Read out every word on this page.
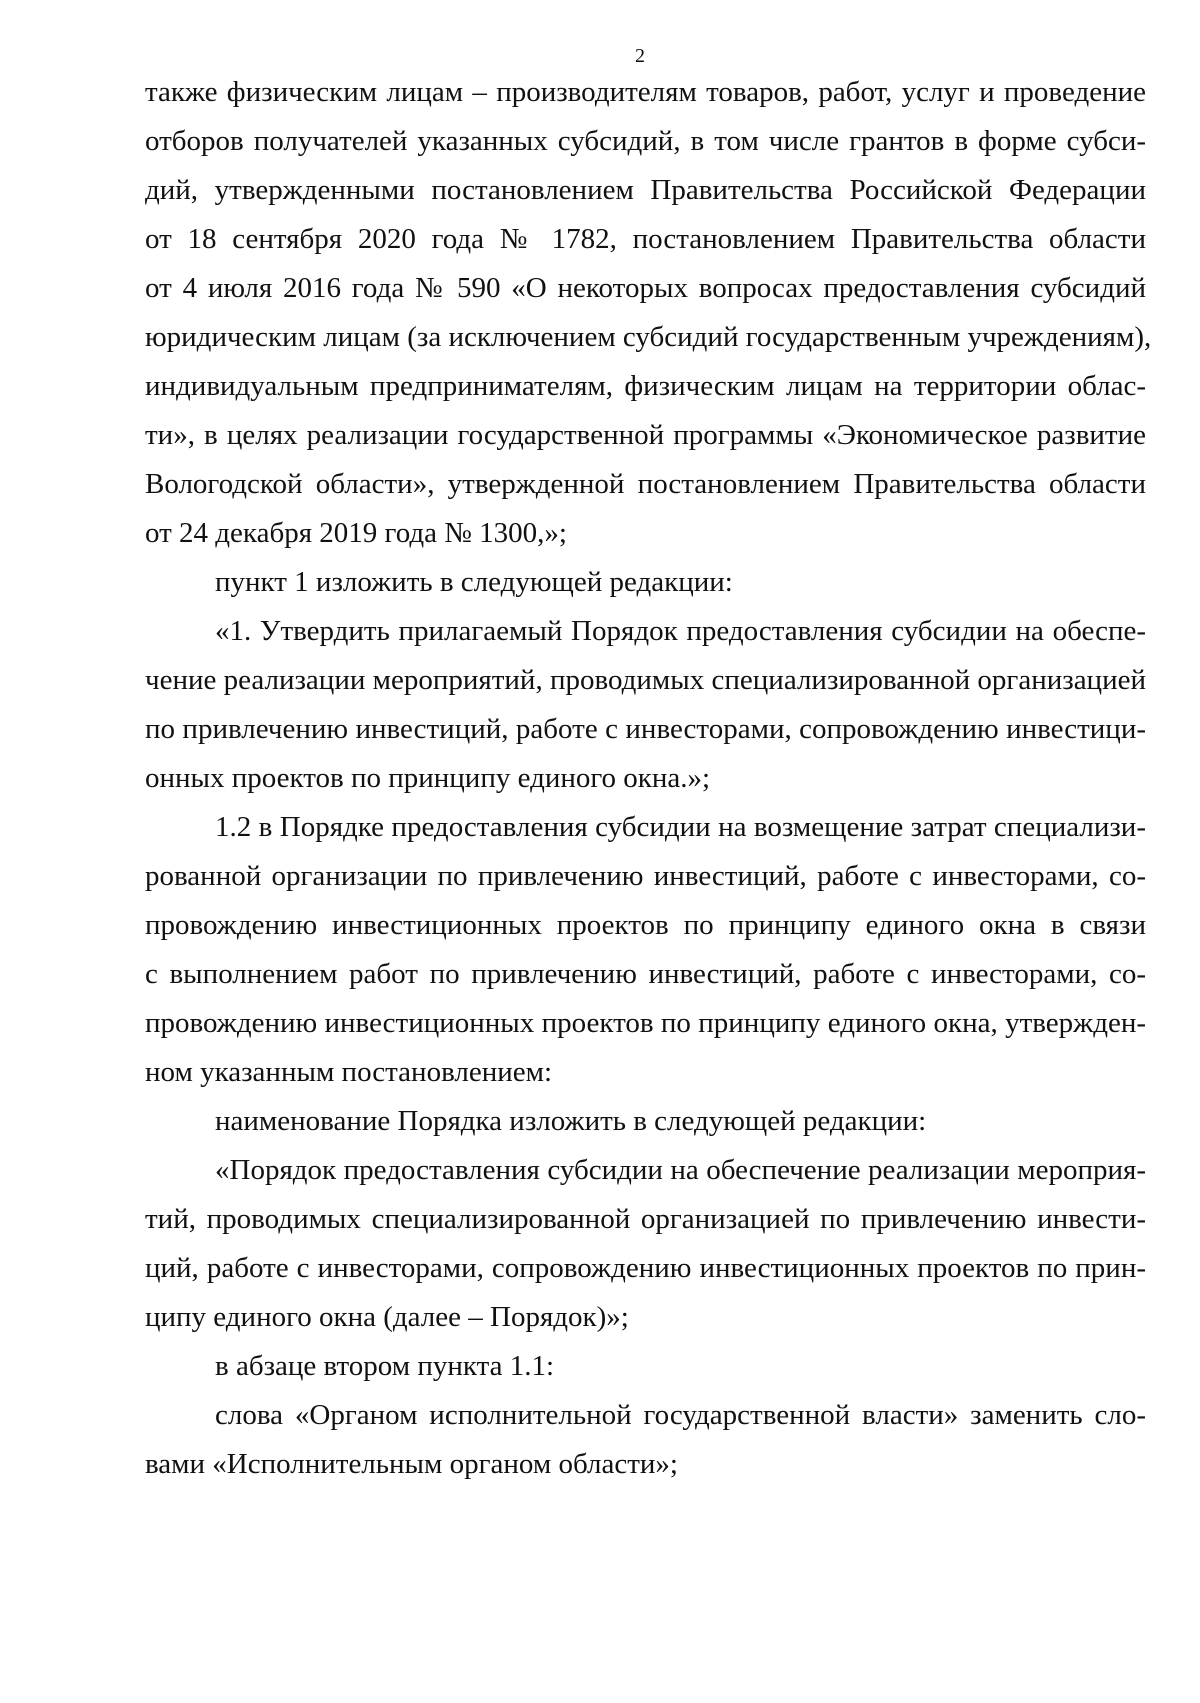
2
также физическим лицам – производителям товаров, работ, услуг и проведение
отборов получателей указанных субсидий, в том числе грантов в форме субси-
дий, утвержденными постановлением Правительства Российской Федерации
от 18 сентября 2020 года № 1782, постановлением Правительства области
от 4 июля 2016 года № 590 «О некоторых вопросах предоставления субсидий
юридическим лицам (за исключением субсидий государственным учреждениям),
индивидуальным предпринимателям, физическим лицам на территории облас-
ти», в целях реализации государственной программы «Экономическое развитие
Вологодской области», утвержденной постановлением Правительства области
от 24 декабря 2019 года № 1300,»;
пункт 1 изложить в следующей редакции:
«1. Утвердить прилагаемый Порядок предоставления субсидии на обеспе-
чение реализации мероприятий, проводимых специализированной организацией
по привлечению инвестиций, работе с инвесторами, сопровождению инвестици-
онных проектов по принципу единого окна.»;
1.2 в Порядке предоставления субсидии на возмещение затрат специализи-
рованной организации по привлечению инвестиций, работе с инвесторами, со-
провождению инвестиционных проектов по принципу единого окна в связи
с выполнением работ по привлечению инвестиций, работе с инвесторами, со-
провождению инвестиционных проектов по принципу единого окна, утвержден-
ном указанным постановлением:
наименование Порядка изложить в следующей редакции:
«Порядок предоставления субсидии на обеспечение реализации мероприя-
тий, проводимых специализированной организацией по привлечению инвести-
ций, работе с инвесторами, сопровождению инвестиционных проектов по прин-
ципу единого окна (далее – Порядок)»;
в абзаце втором пункта 1.1:
слова «Органом исполнительной государственной власти» заменить сло-
вами «Исполнительным органом области»;
